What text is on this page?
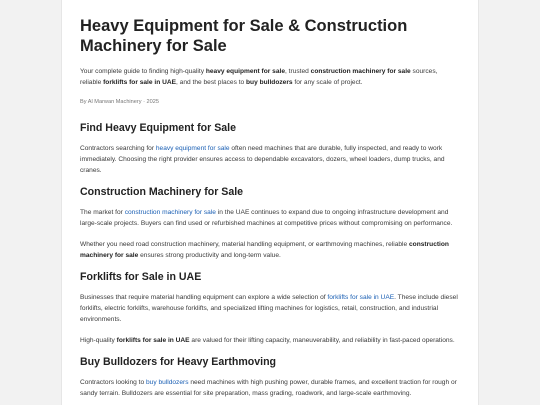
Heavy Equipment for Sale & Construction Machinery for Sale

Your complete guide to finding high-quality heavy equipment for sale, trusted construction machinery for sale sources, reliable forklifts for sale in UAE, and the best places to buy bulldozers for any scale of project.

By Al Marwan Machinery · 2025

Find Heavy Equipment for Sale

Contractors searching for heavy equipment for sale often need machines that are durable, fully inspected, and ready to work immediately. Choosing the right provider ensures access to dependable excavators, dozers, wheel loaders, dump trucks, and cranes.

Construction Machinery for Sale

The market for construction machinery for sale in the UAE continues to expand due to ongoing infrastructure development and large-scale projects. Buyers can find used or refurbished machines at competitive prices without compromising on performance.

Whether you need road construction machinery, material handling equipment, or earthmoving machines, reliable construction machinery for sale ensures strong productivity and long-term value.

Forklifts for Sale in UAE

Businesses that require material handling equipment can explore a wide selection of forklifts for sale in UAE. These include diesel forklifts, electric forklifts, warehouse forklifts, and specialized lifting machines for logistics, retail, construction, and industrial environments.

High-quality forklifts for sale in UAE are valued for their lifting capacity, maneuverability, and reliability in fast-paced operations.

Buy Bulldozers for Heavy Earthmoving

Contractors looking to buy bulldozers need machines with high pushing power, durable frames, and excellent traction for rough or sandy terrain. Bulldozers are essential for site preparation, mass grading, roadwork, and large-scale earthmoving.
